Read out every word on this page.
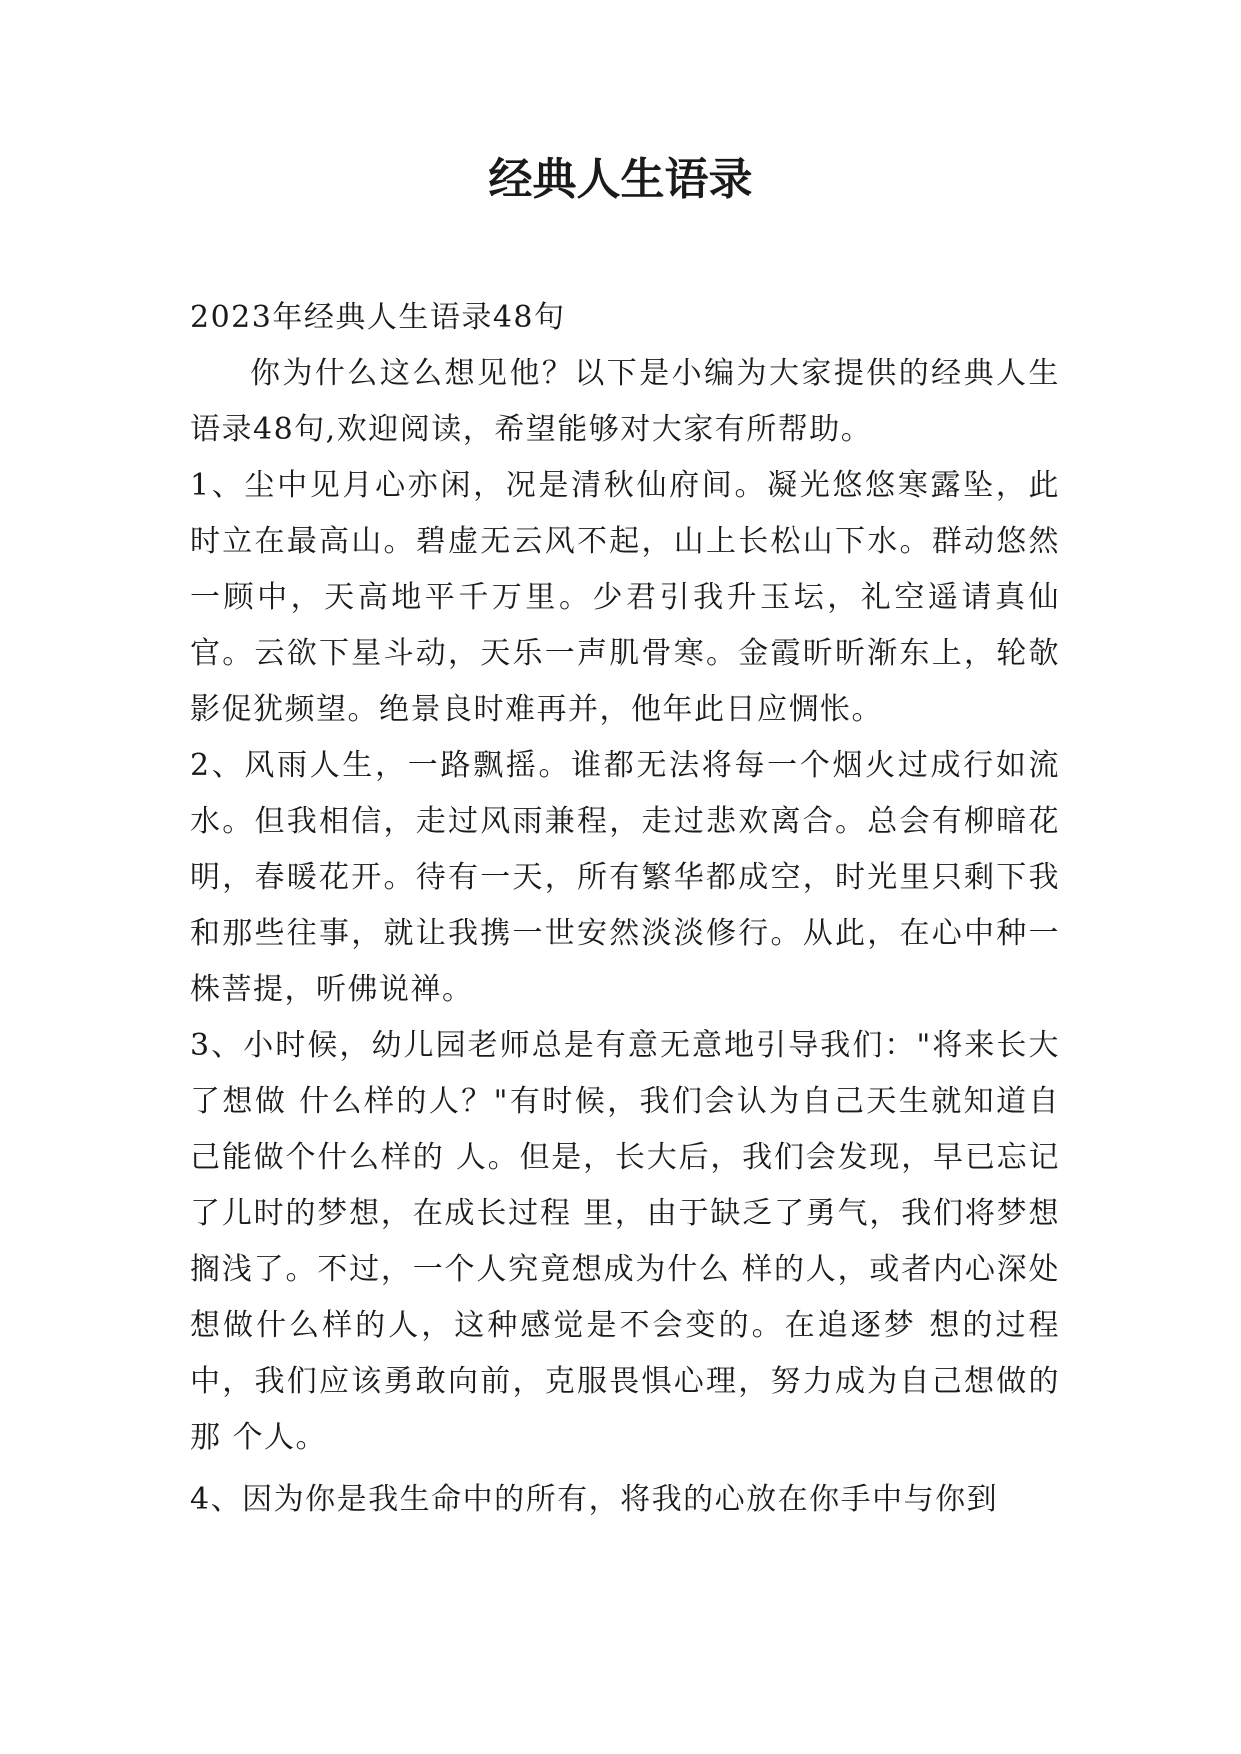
经典人生语录

2023年经典人生语录48句

你为什么这么想见他？以下是小编为大家提供的经典人生语录48句,欢迎阅读，希望能够对大家有所帮助。

1、尘中见月心亦闲，况是清秋仙府间。凝光悠悠寒露坠，此时立在最高山。碧虚无云风不起，山上长松山下水。群动悠然一顾中，天高地平千万里。少君引我升玉坛，礼空遥请真仙官。云欲下星斗动，天乐一声肌骨寒。金霞昕昕渐东上，轮欹影促犹频望。绝景良时难再并，他年此日应惆怅。

2、风雨人生，一路飘摇。谁都无法将每一个烟火过成行如流水。但我相信，走过风雨兼程，走过悲欢离合。总会有柳暗花明，春暖花开。待有一天，所有繁华都成空，时光里只剩下我和那些往事，就让我携一世安然淡淡修行。从此，在心中种一株菩提，听佛说禅。

3、小时候，幼儿园老师总是有意无意地引导我们："将来长大了想做 什么样的人？"有时候，我们会认为自己天生就知道自己能做个什么样的 人。但是，长大后，我们会发现，早已忘记了儿时的梦想，在成长过程 里，由于缺乏了勇气，我们将梦想搁浅了。不过，一个人究竟想成为什么 样的人，或者内心深处想做什么样的人，这种感觉是不会变的。在追逐梦 想的过程中，我们应该勇敢向前，克服畏惧心理，努力成为自己想做的那 个人。

4、因为你是我生命中的所有，将我的心放在你手中与你到
